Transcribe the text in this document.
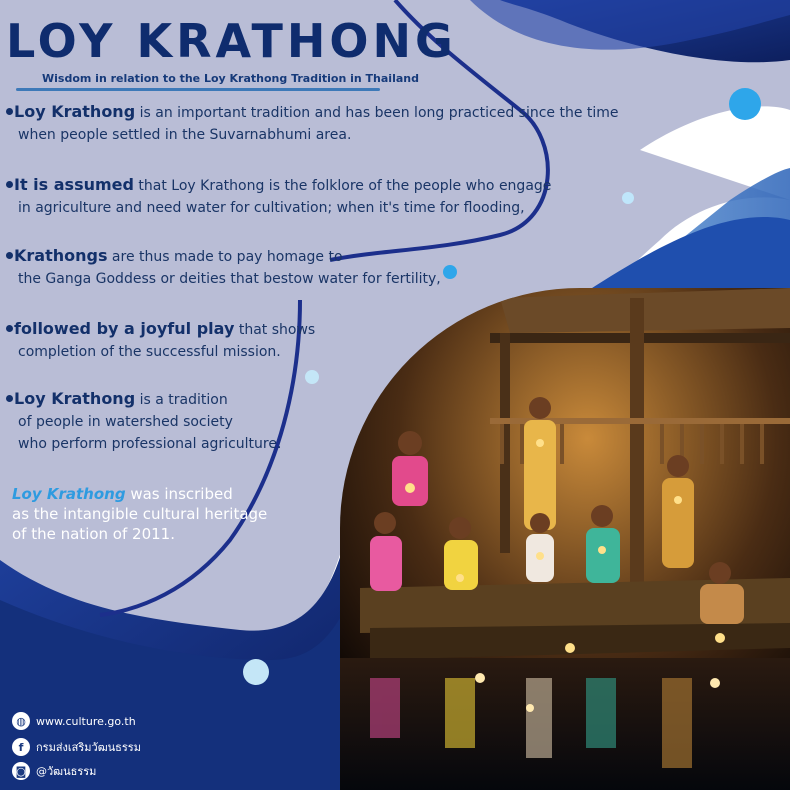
LOY KRATHONG
Wisdom in relation to the Loy Krathong Tradition in Thailand
Loy Krathong is an important tradition and has been long practiced since the time
when people settled in the Suvarnabhumi area.
It is assumed that Loy Krathong is the folklore of the people who engage
in agriculture and need water for cultivation; when it's time for flooding,
Krathongs are thus made to pay homage to
the Ganga Goddess or deities that bestow water for fertility,
followed by a joyful play that shows
completion of the successful mission.
Loy Krathong is a tradition
of people in watershed society
who perform professional agriculture.
Loy Krathong was inscribed
as the intangible cultural heritage
of the nation of 2011.
◍ www.culture.go.th
f	กรมส่งเสริมวัฒนธรรม
◙ @วัฒนธรรม
